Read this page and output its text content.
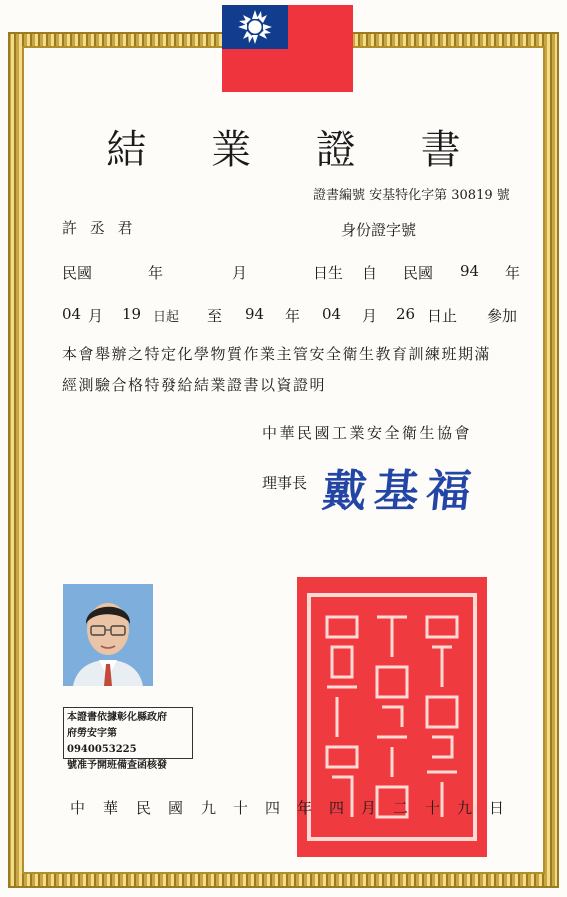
結 業 證 書
證書編號 安基特化字第 30819 號
許 丞 君	身份證字號
民國	年	月	日生 自 民國 94 年
04 月 19 日起 至 94 年 04 月 26 日止 參加
本會舉辦之特定化學物質作業主管安全衛生教育訓練班期滿
經測驗合格特發給結業證書以資證明
中華民國工業安全衛生協會
理事長 戴基福
本證書依據彰化縣政府
府勞安字第 0940053225
號准予開班備查函核發
中 華 民 國 九 十 四 年 四 月 二 十 九 日
